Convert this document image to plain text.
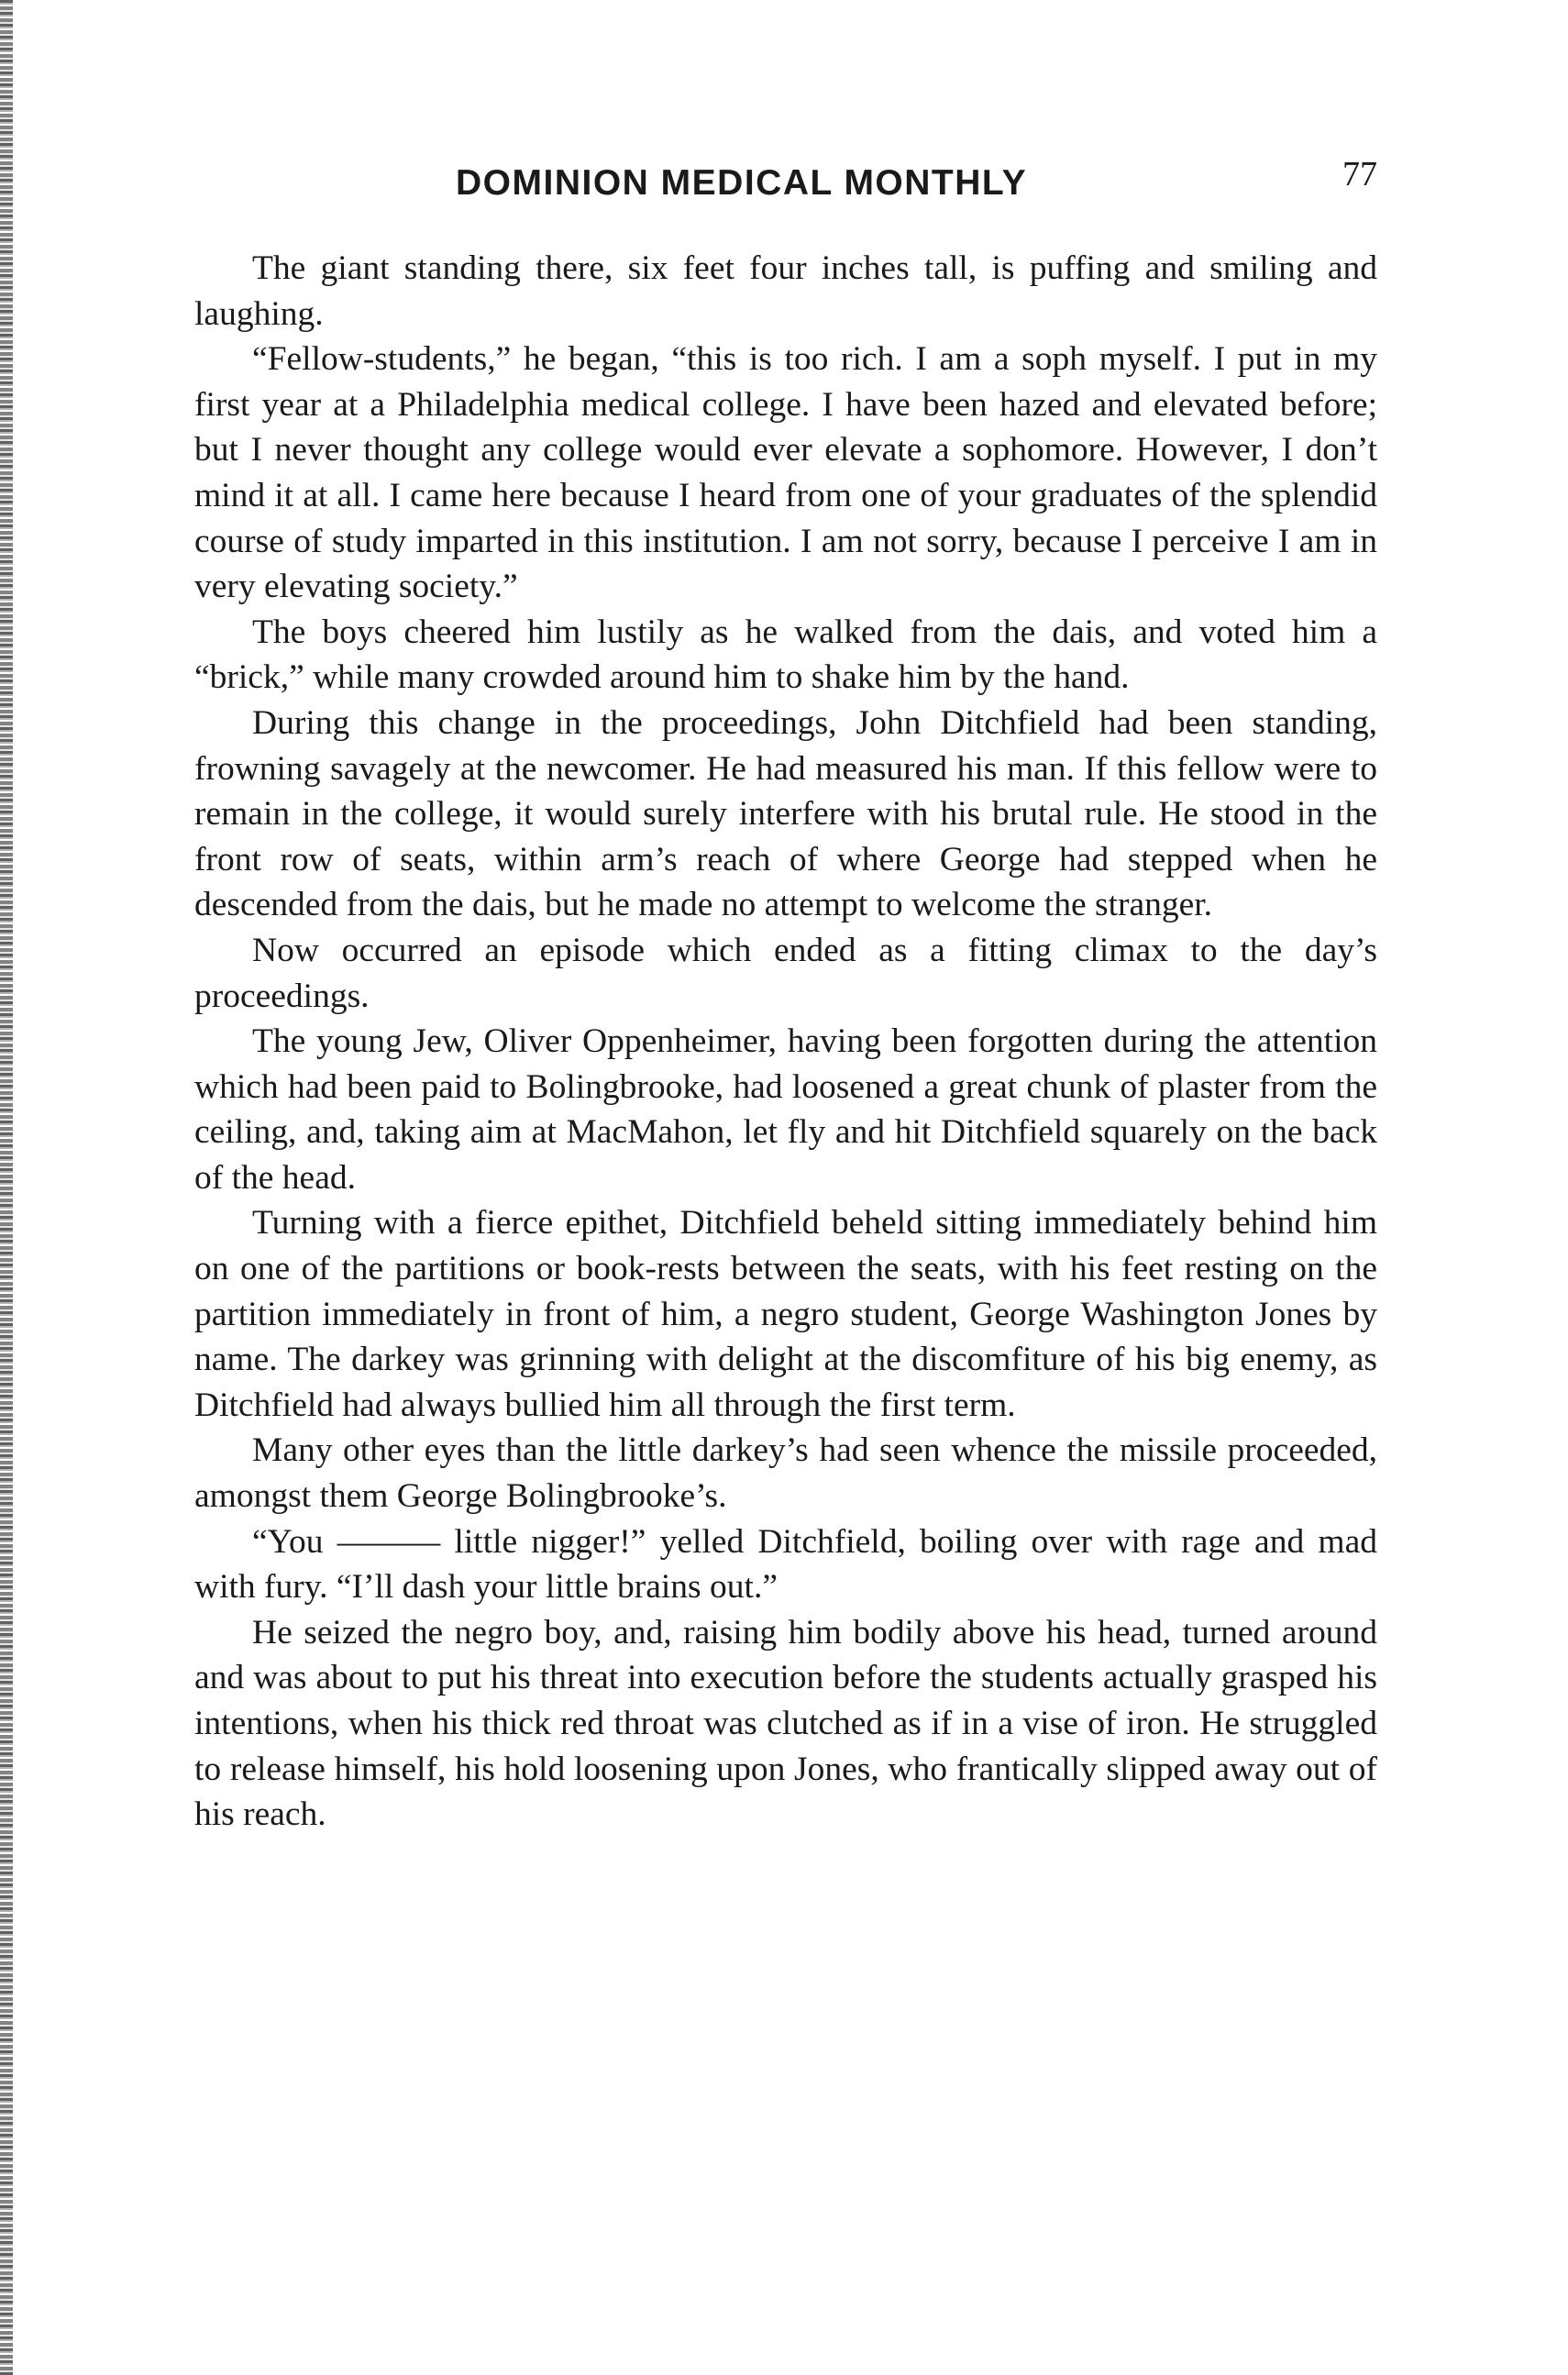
DOMINION MEDICAL MONTHLY	77

The giant standing there, six feet four inches tall, is puffing and smiling and laughing.

“Fellow-students,” he began, “this is too rich. I am a soph myself. I put in my first year at a Philadelphia medical college. I have been hazed and elevated before; but I never thought any college would ever elevate a sophomore. However, I don’t mind it at all. I came here because I heard from one of your graduates of the splendid course of study imparted in this institution. I am not sorry, because I perceive I am in very elevating society.”

The boys cheered him lustily as he walked from the dais, and voted him a “brick,” while many crowded around him to shake him by the hand.

During this change in the proceedings, John Ditchfield had been standing, frowning savagely at the newcomer. He had measured his man. If this fellow were to remain in the college, it would surely interfere with his brutal rule. He stood in the front row of seats, within arm’s reach of where George had stepped when he descended from the dais, but he made no attempt to welcome the stranger.

Now occurred an episode which ended as a fitting climax to the day’s proceedings.

The young Jew, Oliver Oppenheimer, having been forgotten during the attention which had been paid to Bolingbrooke, had loosened a great chunk of plaster from the ceiling, and, taking aim at MacMahon, let fly and hit Ditchfield squarely on the back of the head.

Turning with a fierce epithet, Ditchfield beheld sitting immediately behind him on one of the partitions or book-rests between the seats, with his feet resting on the partition immediately in front of him, a negro student, George Washington Jones by name. The darkey was grinning with delight at the discomfiture of his big enemy, as Ditchfield had always bullied him all through the first term.

Many other eyes than the little darkey’s had seen whence the missile proceeded, amongst them George Bolingbrooke’s.

“You ——— little nigger!” yelled Ditchfield, boiling over with rage and mad with fury. “I’ll dash your little brains out.”

He seized the negro boy, and, raising him bodily above his head, turned around and was about to put his threat into execution before the students actually grasped his intentions, when his thick red throat was clutched as if in a vise of iron. He struggled to release himself, his hold loosening upon Jones, who frantically slipped away out of his reach.
